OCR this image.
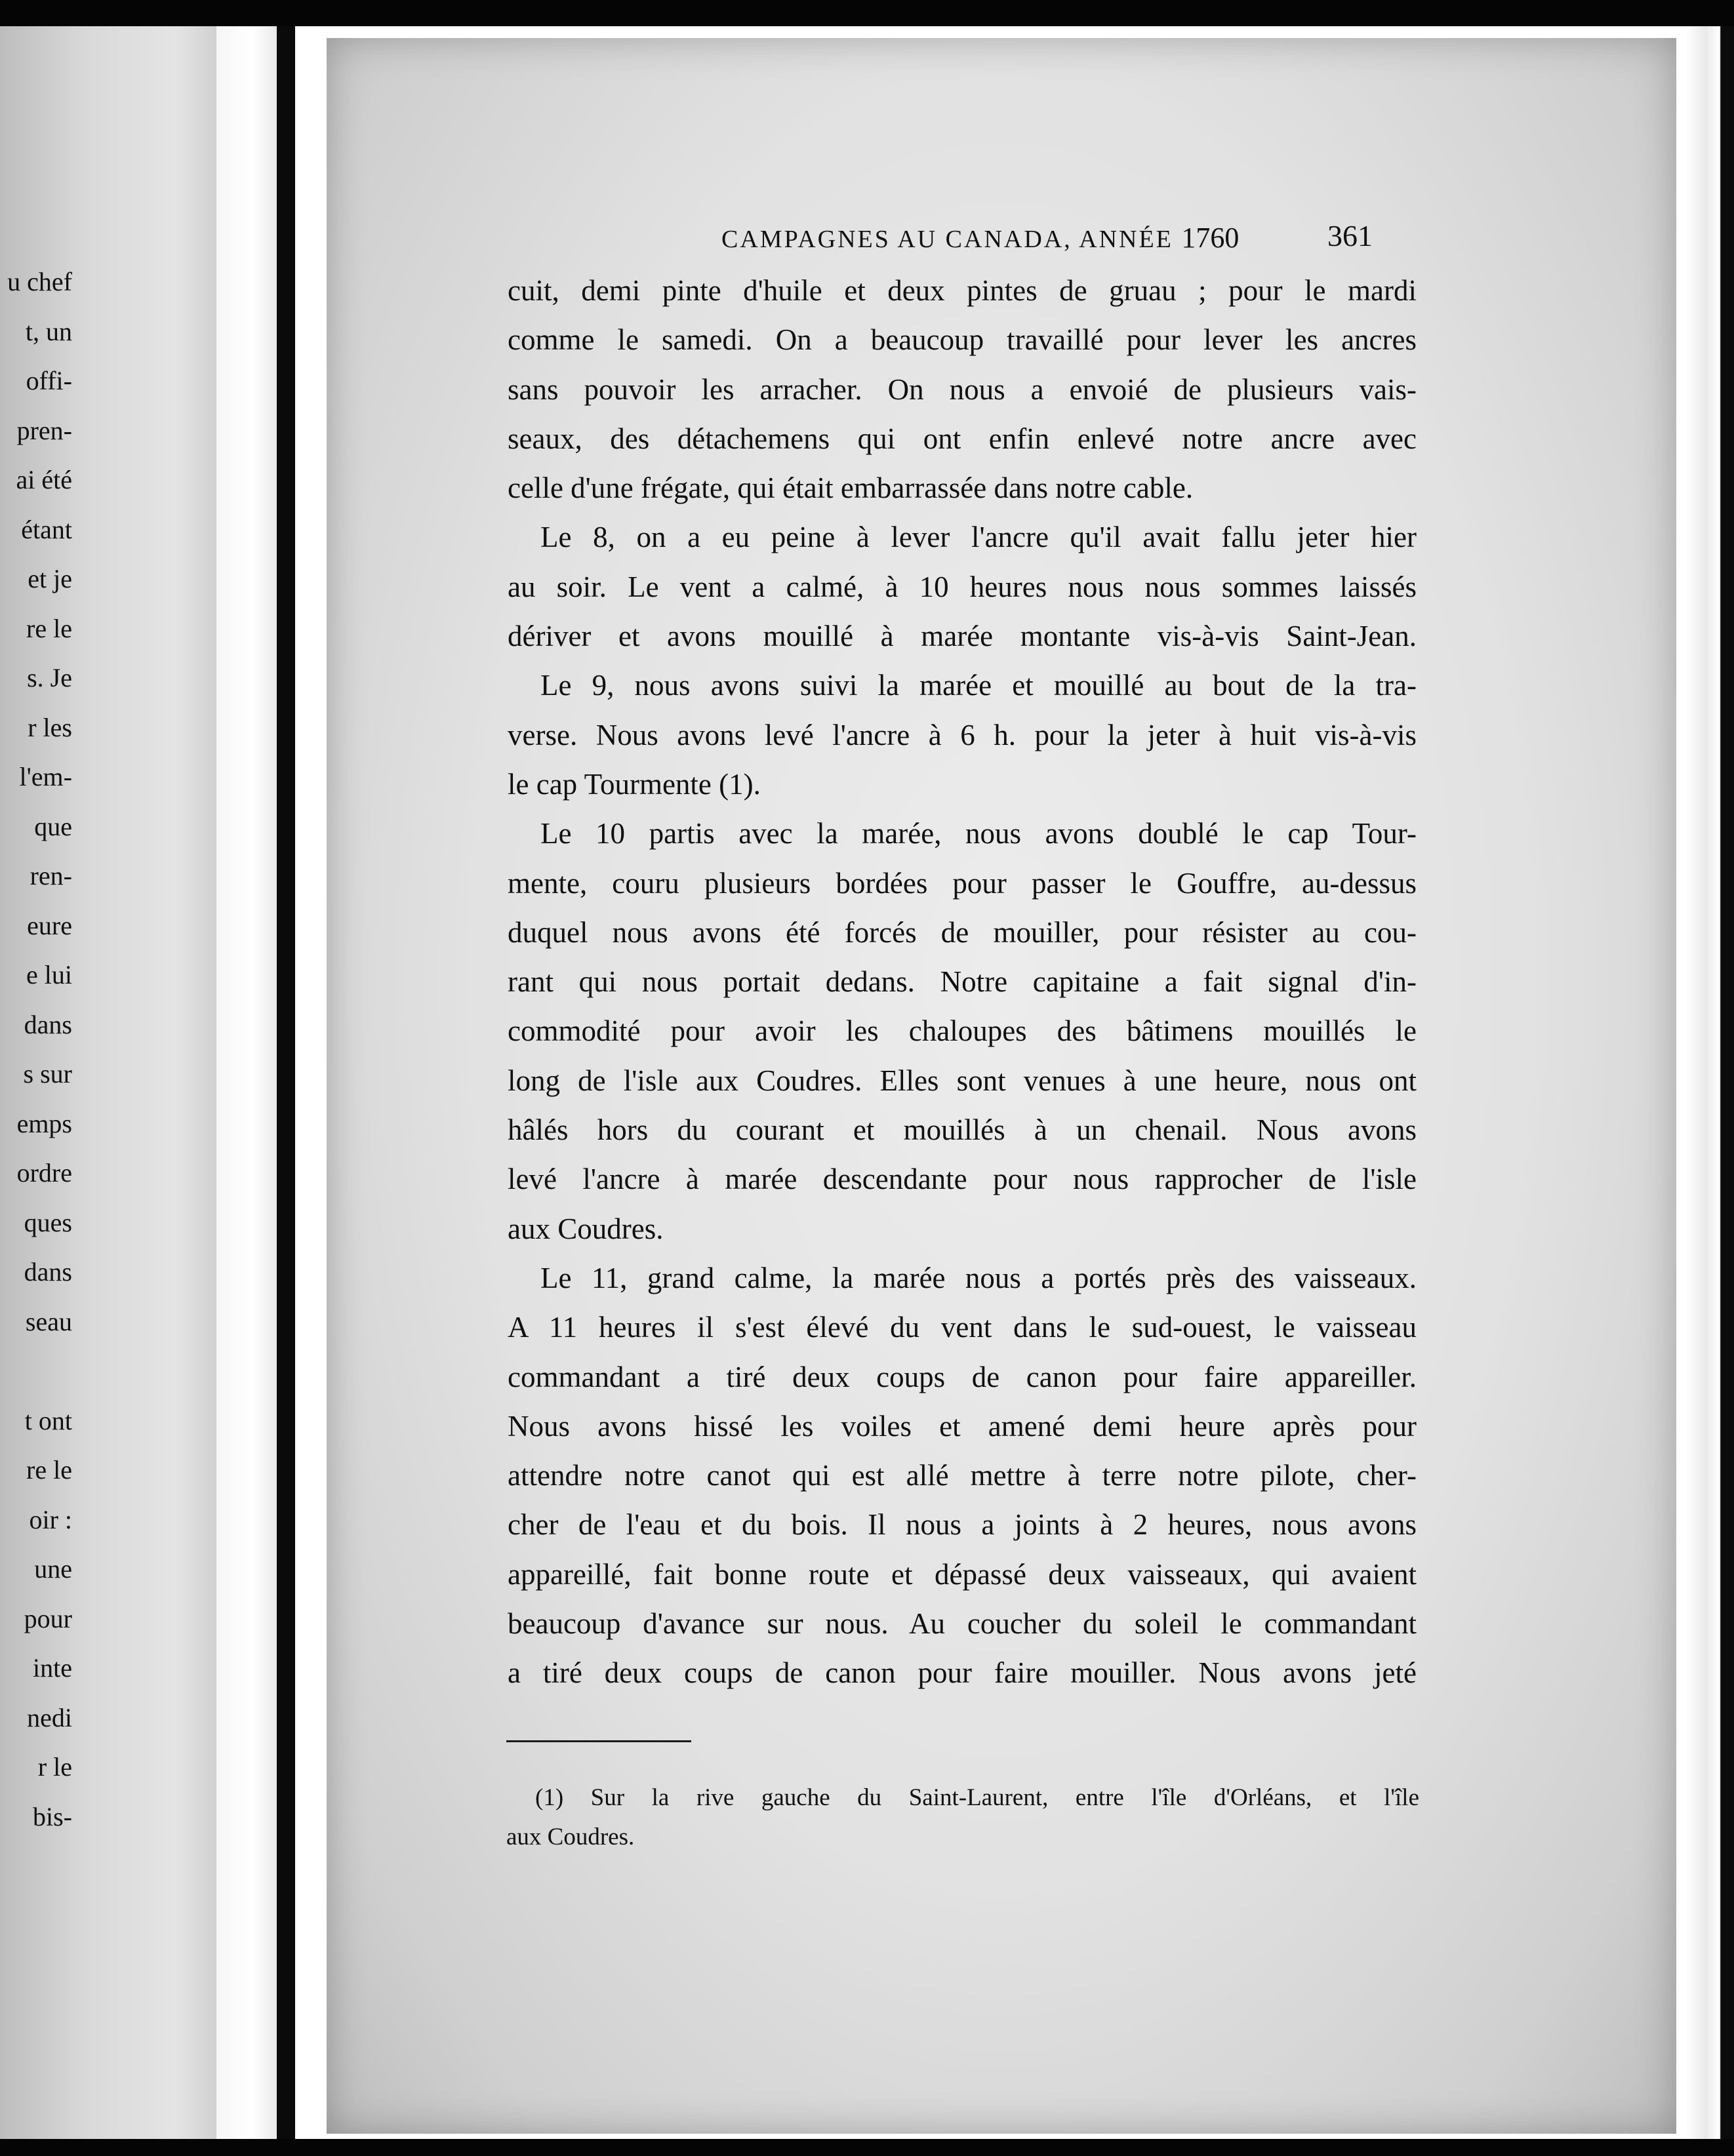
u chef
t, un
offi-
pren-
ai été
étant
et je
re le
s. Je
r les
l'em-
que
ren-
eure
e lui
dans
s sur
emps
ordre
ques
dans
seau
t ont
re le
oir :
une
pour
inte
nedi
r le
bis-
CAMPAGNES AU CANADA, ANNÉE 1760	361
cuit, demi pinte d'huile et deux pintes de gruau ; pour le mardi
comme le samedi. On a beaucoup travaillé pour lever les ancres
sans pouvoir les arracher. On nous a envoié de plusieurs vais-
seaux, des détachemens qui ont enfin enlevé notre ancre avec
celle d'une frégate, qui était embarrassée dans notre cable.
Le 8, on a eu peine à lever l'ancre qu'il avait fallu jeter hier
au soir. Le vent a calmé, à 10 heures nous nous sommes laissés
dériver et avons mouillé à marée montante vis-à-vis Saint-Jean.
Le 9, nous avons suivi la marée et mouillé au bout de la tra-
verse. Nous avons levé l'ancre à 6 h. pour la jeter à huit vis-à-vis
le cap Tourmente (1).
Le 10 partis avec la marée, nous avons doublé le cap Tour-
mente, couru plusieurs bordées pour passer le Gouffre, au-dessus
duquel nous avons été forcés de mouiller, pour résister au cou-
rant qui nous portait dedans. Notre capitaine a fait signal d'in-
commodité pour avoir les chaloupes des bâtimens mouillés le
long de l'isle aux Coudres. Elles sont venues à une heure, nous ont
hâlés hors du courant et mouillés à un chenail. Nous avons
levé l'ancre à marée descendante pour nous rapprocher de l'isle
aux Coudres.
Le 11, grand calme, la marée nous a portés près des vaisseaux.
A 11 heures il s'est élevé du vent dans le sud-ouest, le vaisseau
commandant a tiré deux coups de canon pour faire appareiller.
Nous avons hissé les voiles et amené demi heure après pour
attendre notre canot qui est allé mettre à terre notre pilote, cher-
cher de l'eau et du bois. Il nous a joints à 2 heures, nous avons
appareillé, fait bonne route et dépassé deux vaisseaux, qui avaient
beaucoup d'avance sur nous. Au coucher du soleil le commandant
a tiré deux coups de canon pour faire mouiller. Nous avons jeté
(1) Sur la rive gauche du Saint-Laurent, entre l'île d'Orléans, et l'île
aux Coudres.
